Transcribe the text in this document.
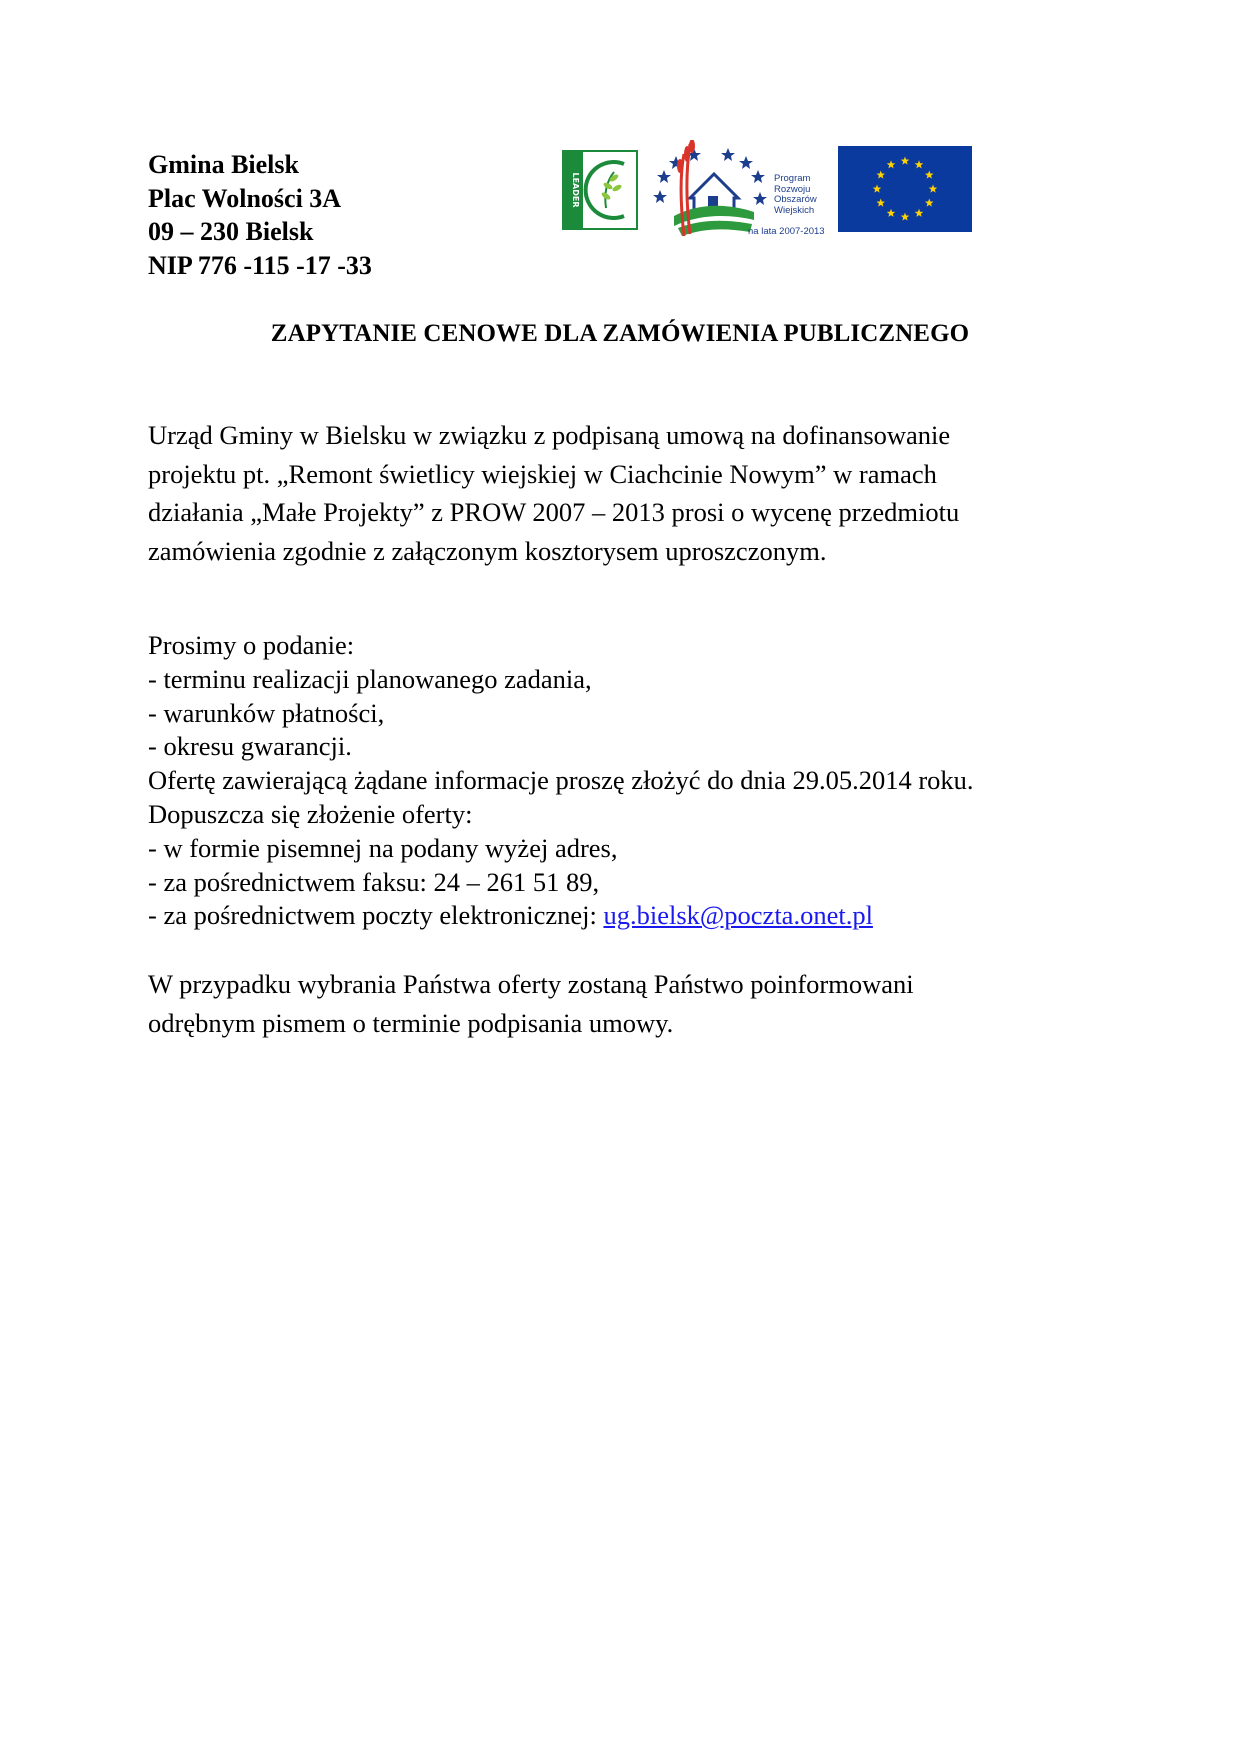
Gmina Bielsk
Plac Wolności 3A
09 – 230 Bielsk
NIP 776 -115 -17 -33
LEADER	Program
Rozwoju
Obszarów
Wiejskich
na lata 2007-2013
ZAPYTANIE CENOWE DLA ZAMÓWIENIA PUBLICZNEGO
Urząd Gminy w Bielsku w związku z podpisaną umową na dofinansowanie
projektu pt. „Remont świetlicy wiejskiej w Ciachcinie Nowym” w ramach
działania „Małe Projekty” z PROW 2007 – 2013 prosi o wycenę przedmiotu
zamówienia zgodnie z załączonym kosztorysem uproszczonym.
Prosimy o podanie:
- terminu realizacji planowanego zadania,
- warunków płatności,
- okresu gwarancji.
Ofertę zawierającą żądane informacje proszę złożyć do dnia 29.05.2014 roku.
Dopuszcza się złożenie oferty:
- w formie pisemnej na podany wyżej adres,
- za pośrednictwem faksu: 24 – 261 51 89,
- za pośrednictwem poczty elektronicznej: ug.bielsk@poczta.onet.pl
W przypadku wybrania Państwa oferty zostaną Państwo poinformowani
odrębnym pismem o terminie podpisania umowy.
